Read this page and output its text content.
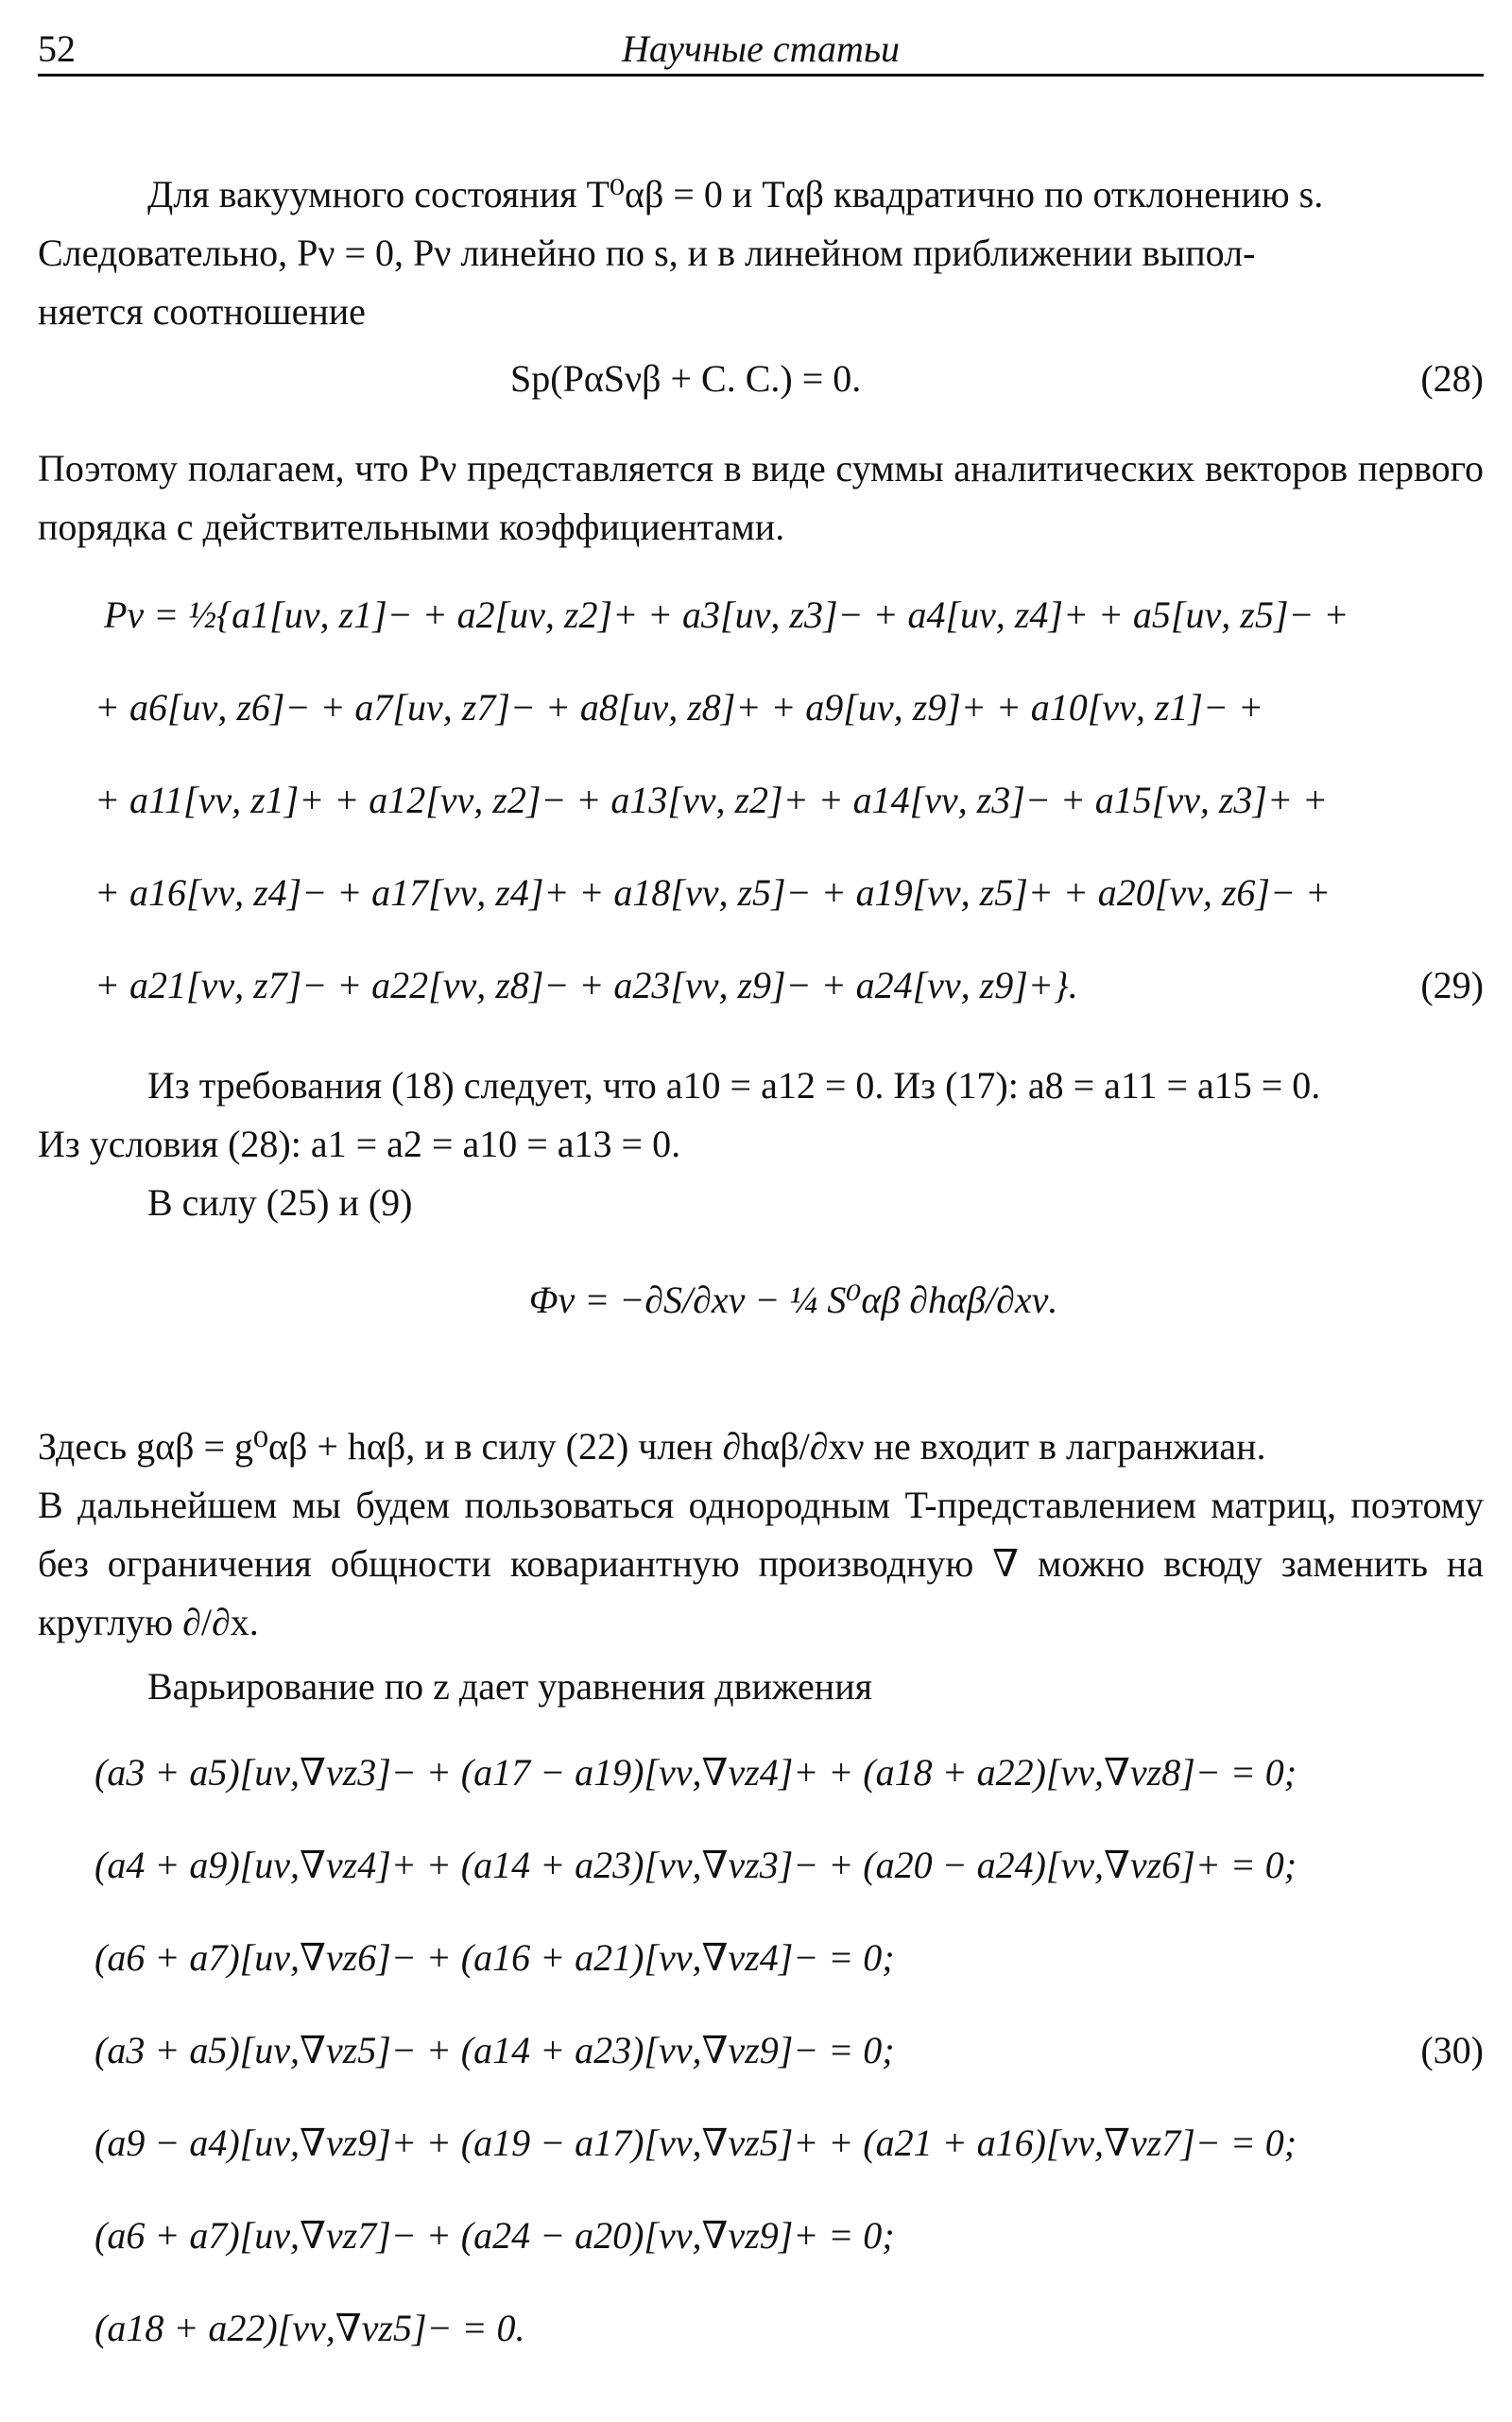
52	Научные статьи
Для вакуумного состояния T⁰αβ = 0 и Tαβ квадратично по отклонению s.
Следовательно, Pν = 0, Pν линейно по s, и в линейном приближении выпол-
няется соотношение
Sp(PαSνβ + C. C.) = 0.	(28)
Поэтому полагаем, что Pν представляется в виде суммы аналитических векторов первого порядка с действительными коэффициентами.
Pν = ½{a1[uν, z1]− + a2[uν, z2]+ + a3[uν, z3]− + a4[uν, z4]+ + a5[uν, z5]− +
+ a6[uν, z6]− + a7[uν, z7]− + a8[uν, z8]+ + a9[uν, z9]+ + a10[vν, z1]− +
+ a11[vν, z1]+ + a12[vν, z2]− + a13[vν, z2]+ + a14[vν, z3]− + a15[vν, z3]+ +
+ a16[vν, z4]− + a17[vν, z4]+ + a18[vν, z5]− + a19[vν, z5]+ + a20[vν, z6]− +
+ a21[vν, z7]− + a22[vν, z8]− + a23[vν, z9]− + a24[vν, z9]+}.	(29)
Из требования (18) следует, что a10 = a12 = 0. Из (17): a8 = a11 = a15 = 0.
Из условия (28): a1 = a2 = a10 = a13 = 0.
В силу (25) и (9)
Φν = −∂S/∂xν − ¼ S⁰αβ ∂hαβ/∂xν.
Здесь gαβ = g⁰αβ + hαβ, и в силу (22) член ∂hαβ/∂xν не входит в лагранжиан.
В дальнейшем мы будем пользоваться однородным T-представлением матриц, поэтому без ограничения общности ковариантную производную ∇ можно всюду заменить на круглую ∂/∂x.
Варьирование по z дает уравнения движения
(a3 + a5)[uν,∇νz3]− + (a17 − a19)[vν,∇νz4]+ + (a18 + a22)[vν,∇νz8]− = 0;
(a4 + a9)[uν,∇νz4]+ + (a14 + a23)[vν,∇νz3]− + (a20 − a24)[vν,∇νz6]+ = 0;
(a6 + a7)[uν,∇νz6]− + (a16 + a21)[vν,∇νz4]− = 0;
(a3 + a5)[uν,∇νz5]− + (a14 + a23)[vν,∇νz9]− = 0;	(30)
(a9 − a4)[uν,∇νz9]+ + (a19 − a17)[vν,∇νz5]+ + (a21 + a16)[vν,∇νz7]− = 0;
(a6 + a7)[uν,∇νz7]− + (a24 − a20)[vν,∇νz9]+ = 0;
(a18 + a22)[vν,∇νz5]− = 0.
